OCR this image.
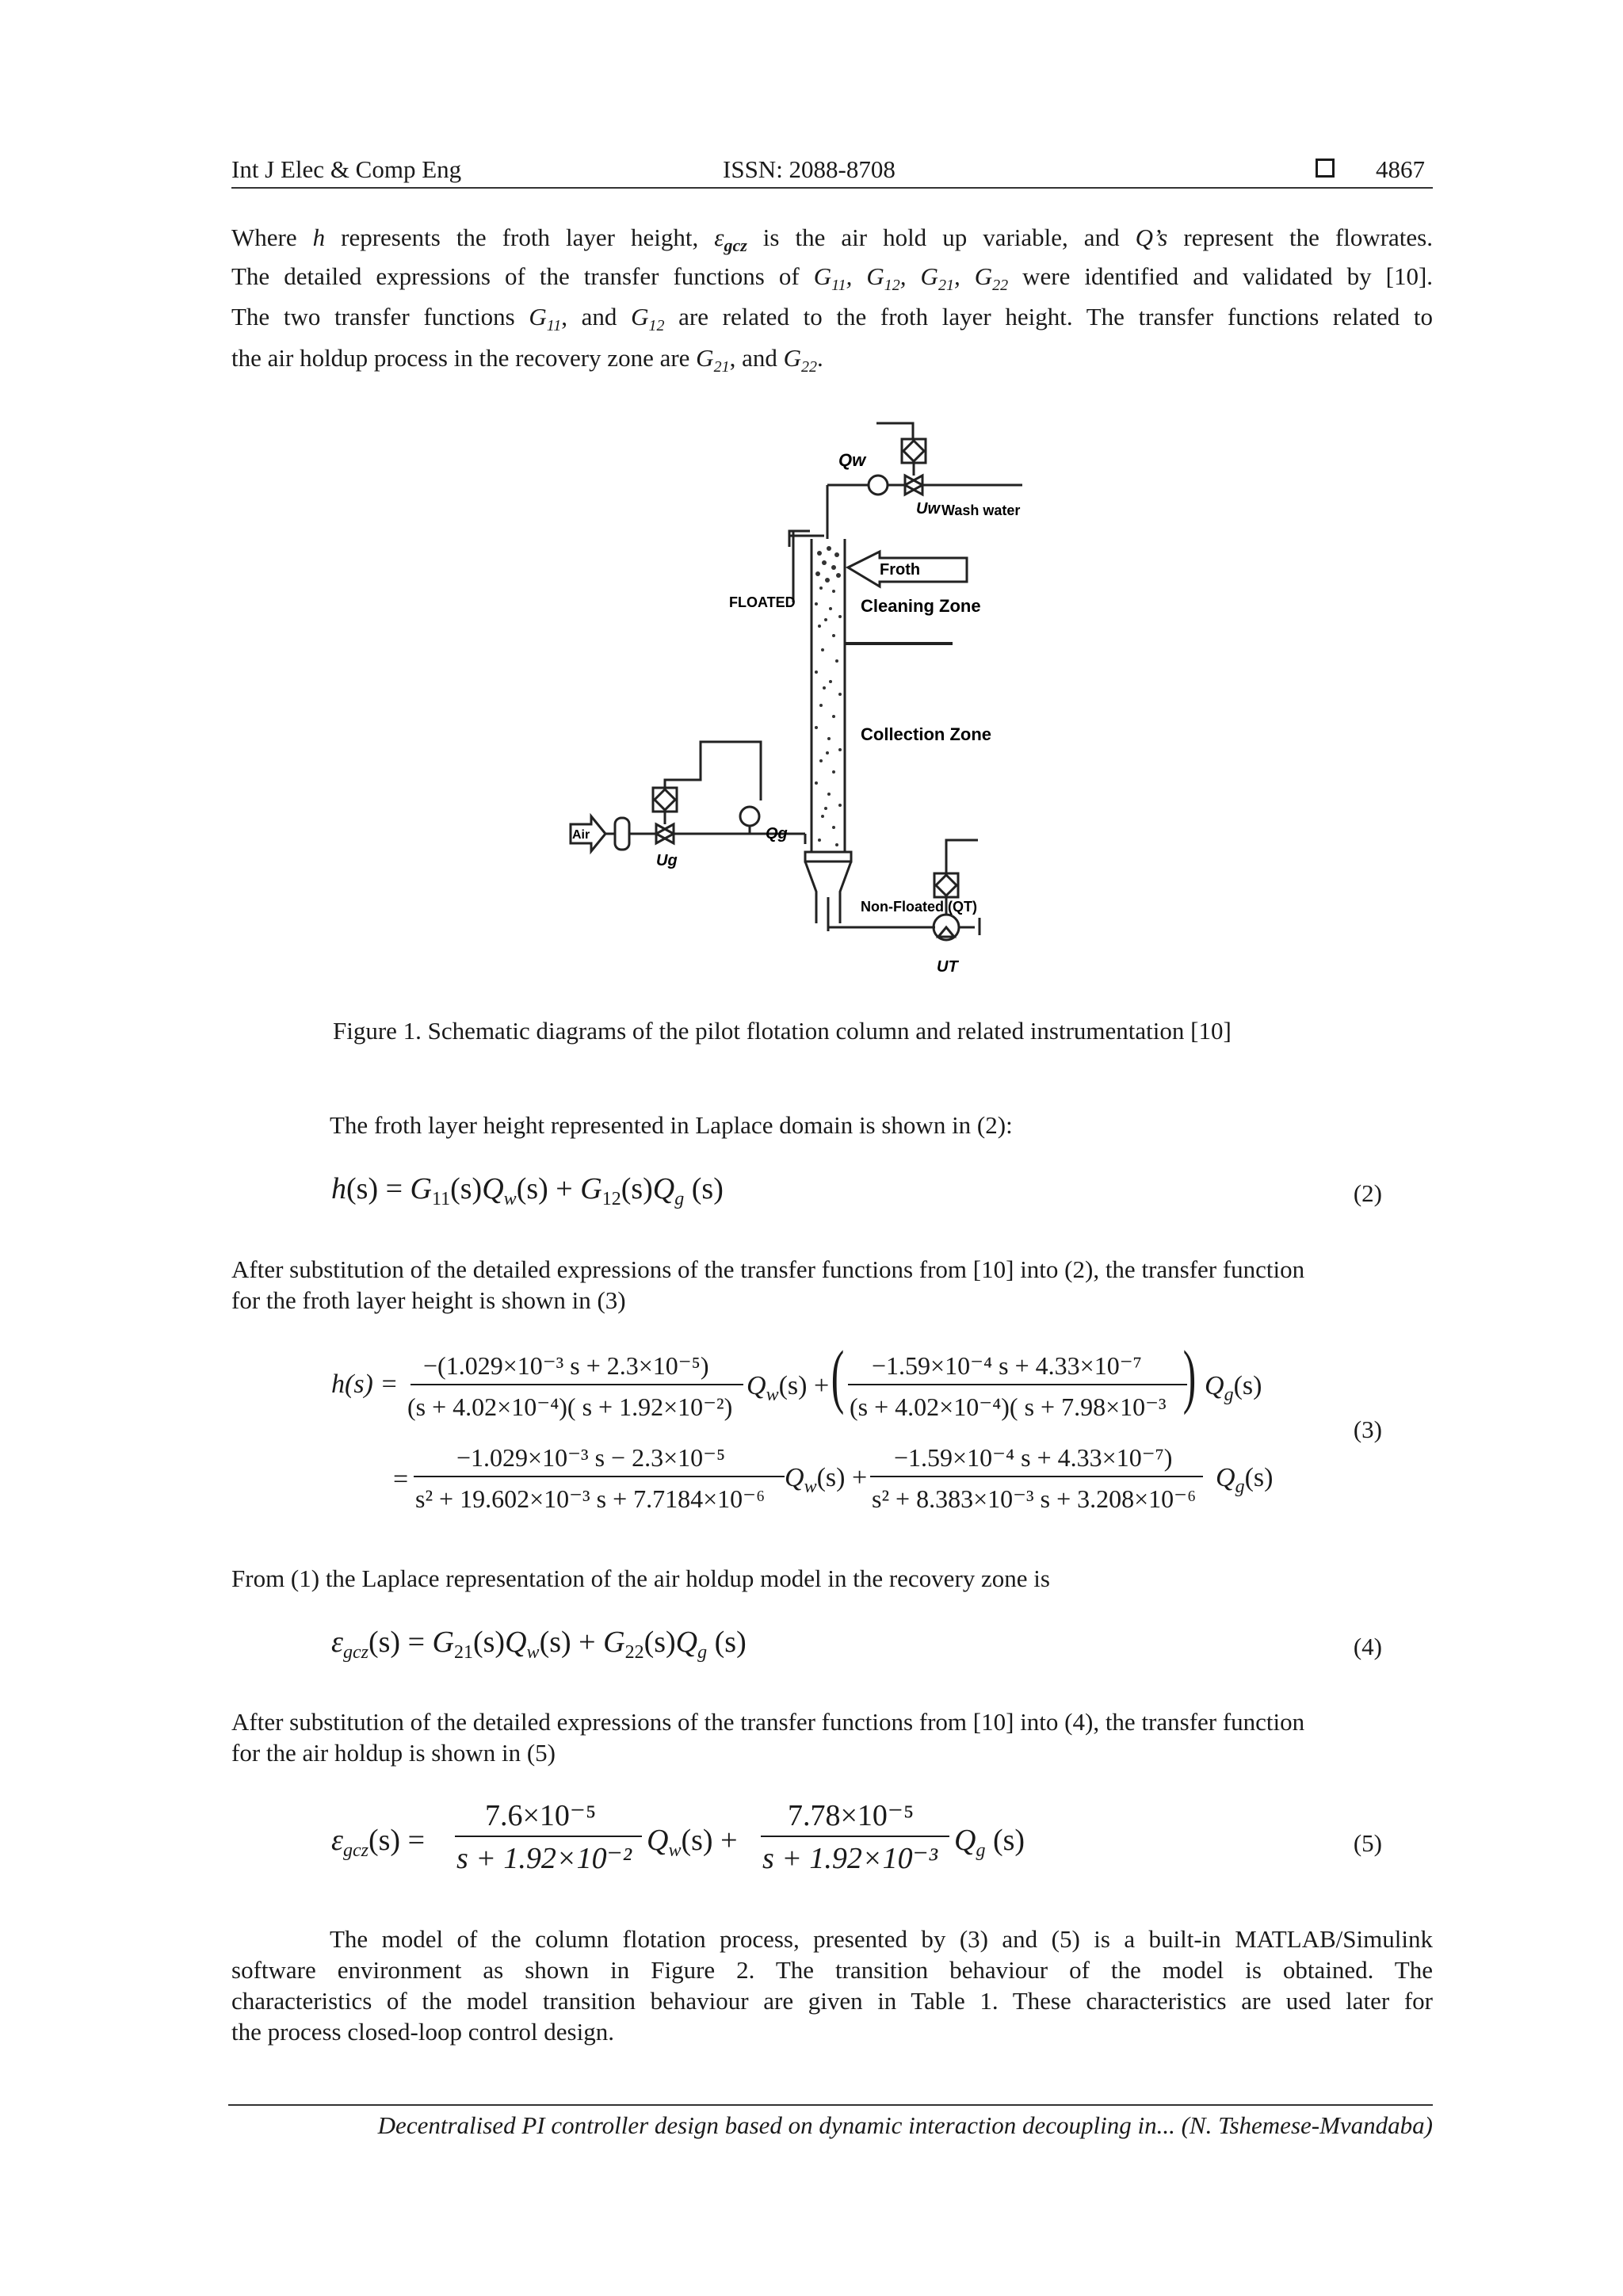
Int J Elec & Comp Eng	ISSN: 2088-8708	4867
Where h represents the froth layer height, $\varepsilon_{gcz}$ is the air hold up variable, and Q’s represent the flowrates.
The detailed expressions of the transfer functions of $G_{11}$, $G_{12}$, $G_{21}$, $G_{22}$ were identified and validated by [10].
The two transfer functions $G_{11}$, and $G_{12}$ are related to the froth layer height. The transfer functions related to
the air holdup process in the recovery zone are $G_{21}$, and $G_{22}$.
Qw
Uw Wash water
Froth
FLOATED	Cleaning Zone
Collection Zone
Qg
Air
Ug
Non-Floated (QT)
UT
Figure 1. Schematic diagrams of the pilot flotation column and related instrumentation [10]
The froth layer height represented in Laplace domain is shown in (2):
$h(s) = G_{11}(s)Q_w(s) + G_{12}(s)Q_g$ (s)	(2)
After substitution of the detailed expressions of the transfer functions from [10] into (2), the transfer function
for the froth layer height is shown in (3)
h(s) =
−(1.029×10⁻³ s + 2.3×10⁻⁵)
(s + 4.02×10⁻⁴)( s + 1.92×10⁻²)
$Q_w(s)$ + ( −1.59×10⁻⁴ s + 4.33×10⁻⁷
(s + 4.02×10⁻⁴)( s + 7.98×10⁻³ ) $Q_g(s)$
(3)
=
−1.029×10⁻³ s − 2.3×10⁻⁵
s² + 19.602×10⁻³ s + 7.7184×10⁻⁶
$Q_w(s)$ +
−1.59×10⁻⁴ s + 4.33×10⁻⁷)
s² + 8.383×10⁻³ s + 3.208×10⁻⁶
$Q_g(s)$
From (1) the Laplace representation of the air holdup model in the recovery zone is
$\varepsilon_{gcz}(s) = G_{21}(s)Q_w(s) + G_{22}(s)Q_g$ (s)	(4)
After substitution of the detailed expressions of the transfer functions from [10] into (4), the transfer function
for the air holdup is shown in (5)
$\varepsilon_{gcz}(s)$ =
7.6×10⁻⁵
s + 1.92×10⁻²
$Q_w(s)$ +
7.78×10⁻⁵
s + 1.92×10⁻³
$Q_g$ (s)	(5)
The model of the column flotation process, presented by (3) and (5) is a built-in MATLAB/Simulink
software environment as shown in Figure 2. The transition behaviour of the model is obtained. The
characteristics of the model transition behaviour are given in Table 1. These characteristics are used later for
the process closed-loop control design.
Decentralised PI controller design based on dynamic interaction decoupling in... (N. Tshemese-Mvandaba)
